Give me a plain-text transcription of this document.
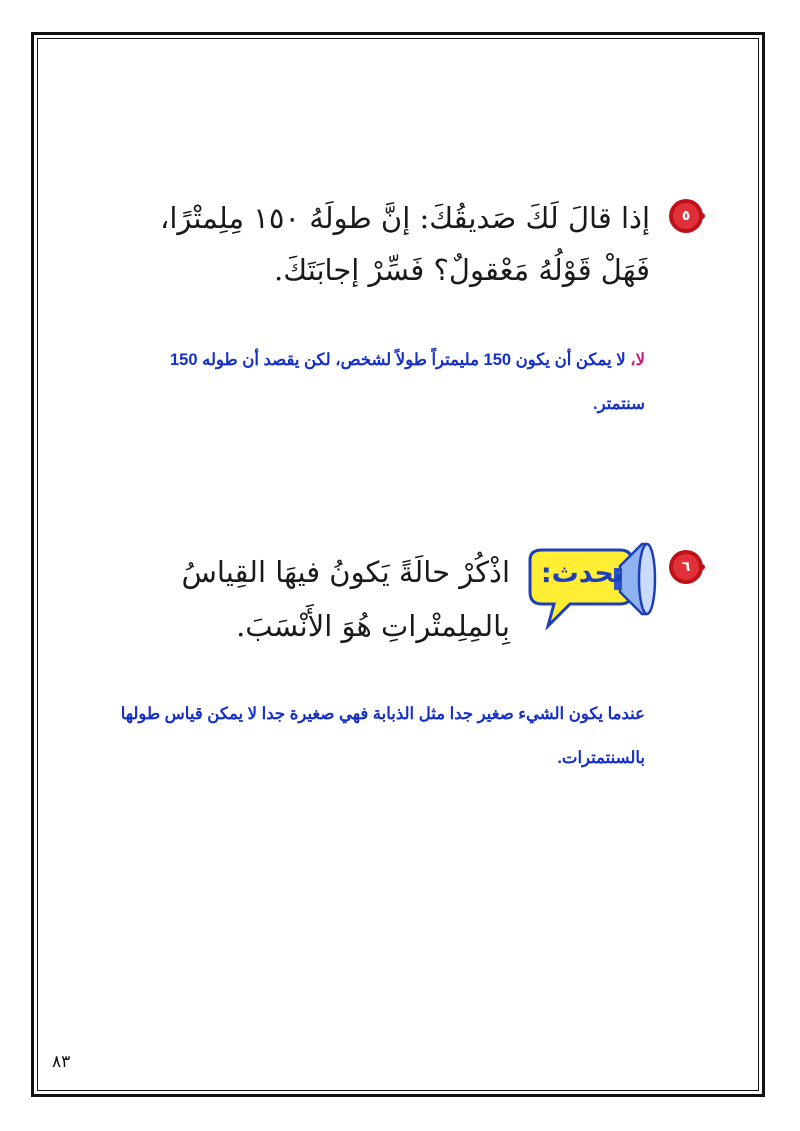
٥
إذا قالَ لَكَ صَديقُكَ: إنَّ طولَهُ ١٥٠ مِلِمتْرًا،
فَهَلْ قَوْلُهُ مَعْقولٌ؟ فَسِّرْ إجابَتَكَ.
لا، لا يمكن أن يكون 150 مليمتراً طولاً لشخص، لكن يقصد أن طوله 150
سنتمتر.
٦
تحدث:
اذْكُرْ حالَةً يَكونُ فيهَا القِياسُ
بِالمِلِمتْراتِ هُوَ الأَنْسَبَ.
عندما يكون الشيء صغير جدا مثل الذبابة فهي صغيرة جدا لا يمكن قياس طولها
بالسنتمترات.
٨٣
